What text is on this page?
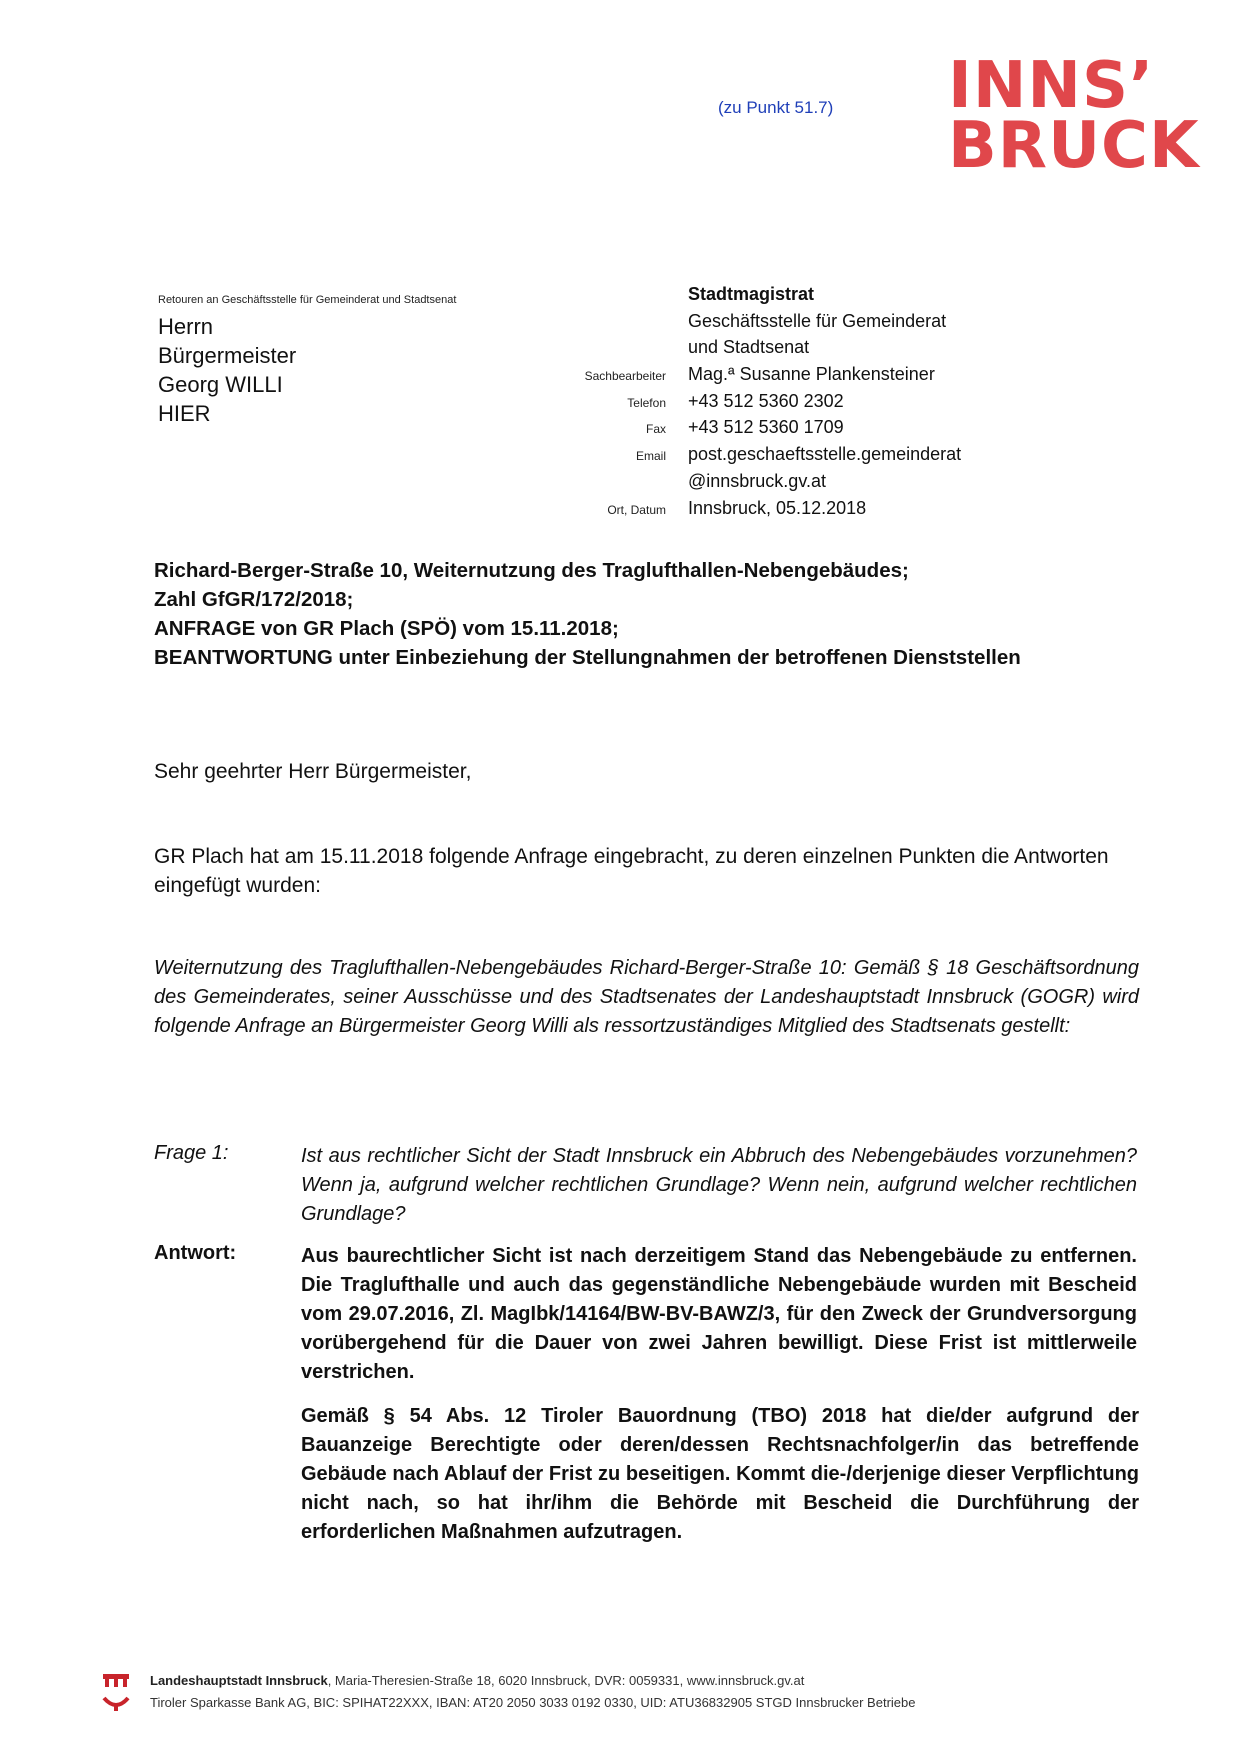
(zu Punkt 51.7) INNS’
BRUCK
Retouren an Geschäftsstelle für Gemeinderat und Stadtsenat
Herrn
Bürgermeister
Georg WILLI
HIER
Stadtmagistrat
Geschäftsstelle für Gemeinderat
und Stadtsenat
Sachbearbeiter	Mag.ª Susanne Plankensteiner
Telefon	+43 512 5360 2302
Fax	+43 512 5360 1709
Email	post.geschaeftsstelle.gemeinderat
@innsbruck.gv.at
Ort, Datum	Innsbruck, 05.12.2018
Richard-Berger-Straße 10, Weiternutzung des Traglufthallen-Nebengebäudes;
Zahl GfGR/172/2018;
ANFRAGE von GR Plach (SPÖ) vom 15.11.2018;
BEANTWORTUNG unter Einbeziehung der Stellungnahmen der betroffenen Dienststellen
Sehr geehrter Herr Bürgermeister,
GR Plach hat am 15.11.2018 folgende Anfrage eingebracht, zu deren einzelnen Punkten die Antworten eingefügt wurden:
Weiternutzung des Traglufthallen-Nebengebäudes Richard-Berger-Straße 10: Gemäß § 18 Geschäftsordnung des Gemeinderates, seiner Ausschüsse und des Stadtsenates der Landeshauptstadt Innsbruck (GOGR) wird folgende Anfrage an Bürgermeister Georg Willi als ressortzuständiges Mitglied des Stadtsenats gestellt:
Frage 1:	Ist aus rechtlicher Sicht der Stadt Innsbruck ein Abbruch des Nebengebäudes vorzunehmen? Wenn ja, aufgrund welcher rechtlichen Grundlage? Wenn nein, aufgrund welcher rechtlichen Grundlage?
Antwort:	Aus baurechtlicher Sicht ist nach derzeitigem Stand das Nebengebäude zu entfernen. Die Traglufthalle und auch das gegenständliche Nebengebäude wurden mit Bescheid vom 29.07.2016, Zl. MagIbk/14164/BW-BV-BAWZ/3, für den Zweck der Grundversorgung vorübergehend für die Dauer von zwei Jahren bewilligt. Diese Frist ist mittlerweile verstrichen.
Gemäß § 54 Abs. 12 Tiroler Bauordnung (TBO) 2018 hat die/der aufgrund der Bauanzeige Berechtigte oder deren/dessen Rechtsnachfolger/in das betreffende Gebäude nach Ablauf der Frist zu beseitigen. Kommt die-/derjenige dieser Verpflichtung nicht nach, so hat ihr/ihm die Behörde mit Bescheid die Durchführung der erforderlichen Maßnahmen aufzutragen.
Landeshauptstadt Innsbruck, Maria-Theresien-Straße 18, 6020 Innsbruck, DVR: 0059331, www.innsbruck.gv.at
Tiroler Sparkasse Bank AG, BIC: SPIHAT22XXX, IBAN: AT20 2050 3033 0192 0330, UID: ATU36832905 STGD Innsbrucker Betriebe
